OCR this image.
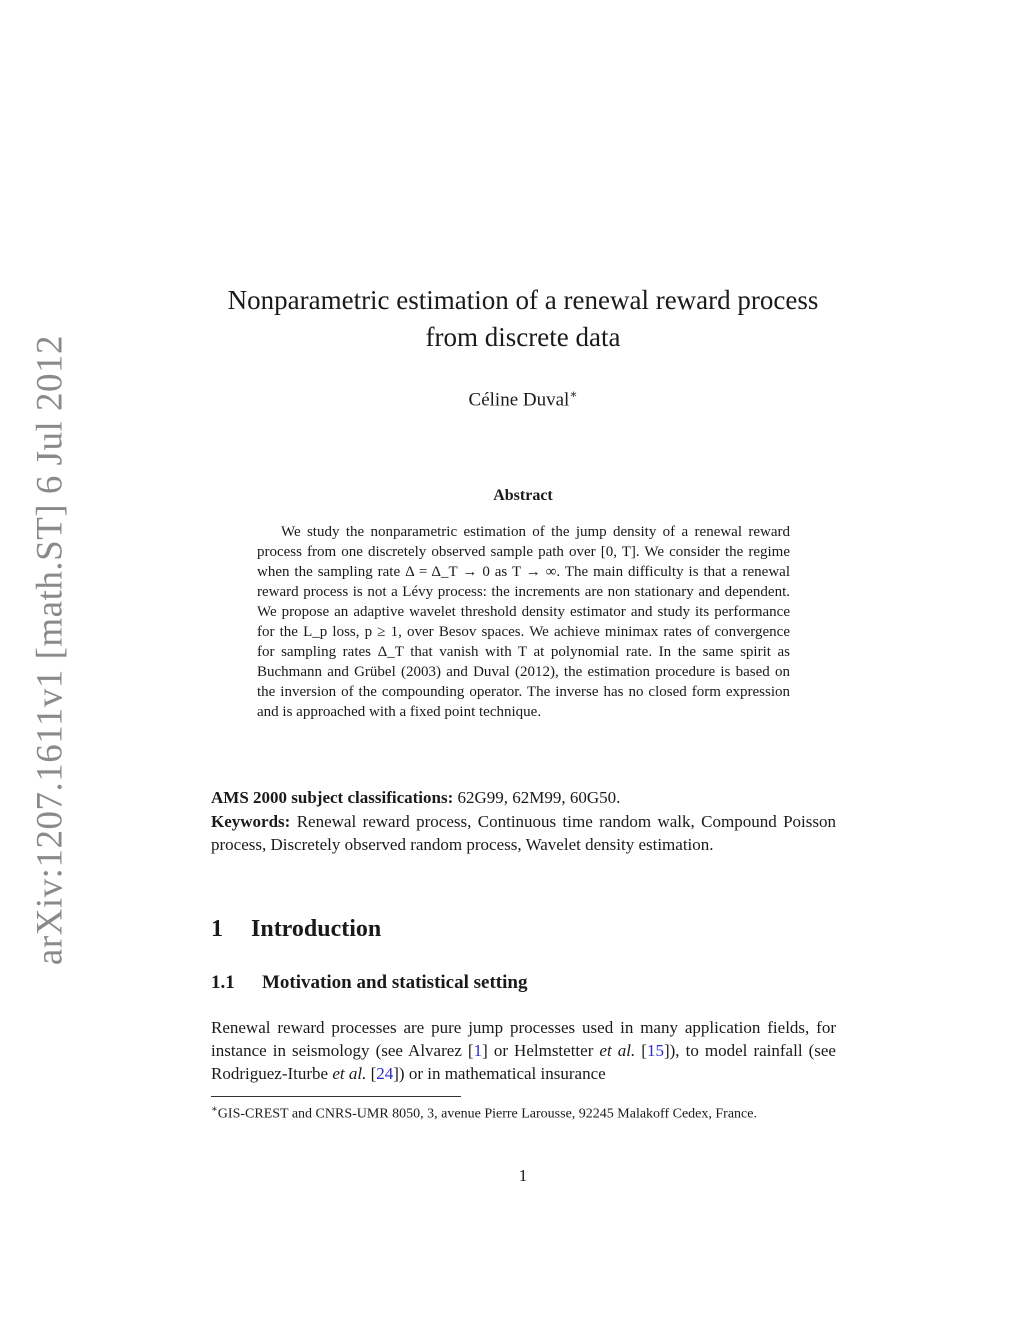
arXiv:1207.1611v1 [math.ST] 6 Jul 2012
Nonparametric estimation of a renewal reward process
from discrete data
Céline Duval∗
Abstract
We study the nonparametric estimation of the jump density of a renewal reward process from one discretely observed sample path over [0, T]. We consider the regime when the sampling rate Δ = Δ_T → 0 as T → ∞. The main difficulty is that a renewal reward process is not a Lévy process: the increments are non stationary and dependent. We propose an adaptive wavelet threshold density estimator and study its performance for the L_p loss, p ≥ 1, over Besov spaces. We achieve minimax rates of convergence for sampling rates Δ_T that vanish with T at polynomial rate. In the same spirit as Buchmann and Grübel (2003) and Duval (2012), the estimation procedure is based on the inversion of the compounding operator. The inverse has no closed form expression and is approached with a fixed point technique.
AMS 2000 subject classifications: 62G99, 62M99, 60G50.
Keywords: Renewal reward process, Continuous time random walk, Compound Poisson process, Discretely observed random process, Wavelet density estimation.
1 Introduction
1.1 Motivation and statistical setting
Renewal reward processes are pure jump processes used in many application fields, for instance in seismology (see Alvarez [1] or Helmstetter et al. [15]), to model rainfall (see Rodriguez-Iturbe et al. [24]) or in mathematical insurance
∗GIS-CREST and CNRS-UMR 8050, 3, avenue Pierre Larousse, 92245 Malakoff Cedex, France.
1
